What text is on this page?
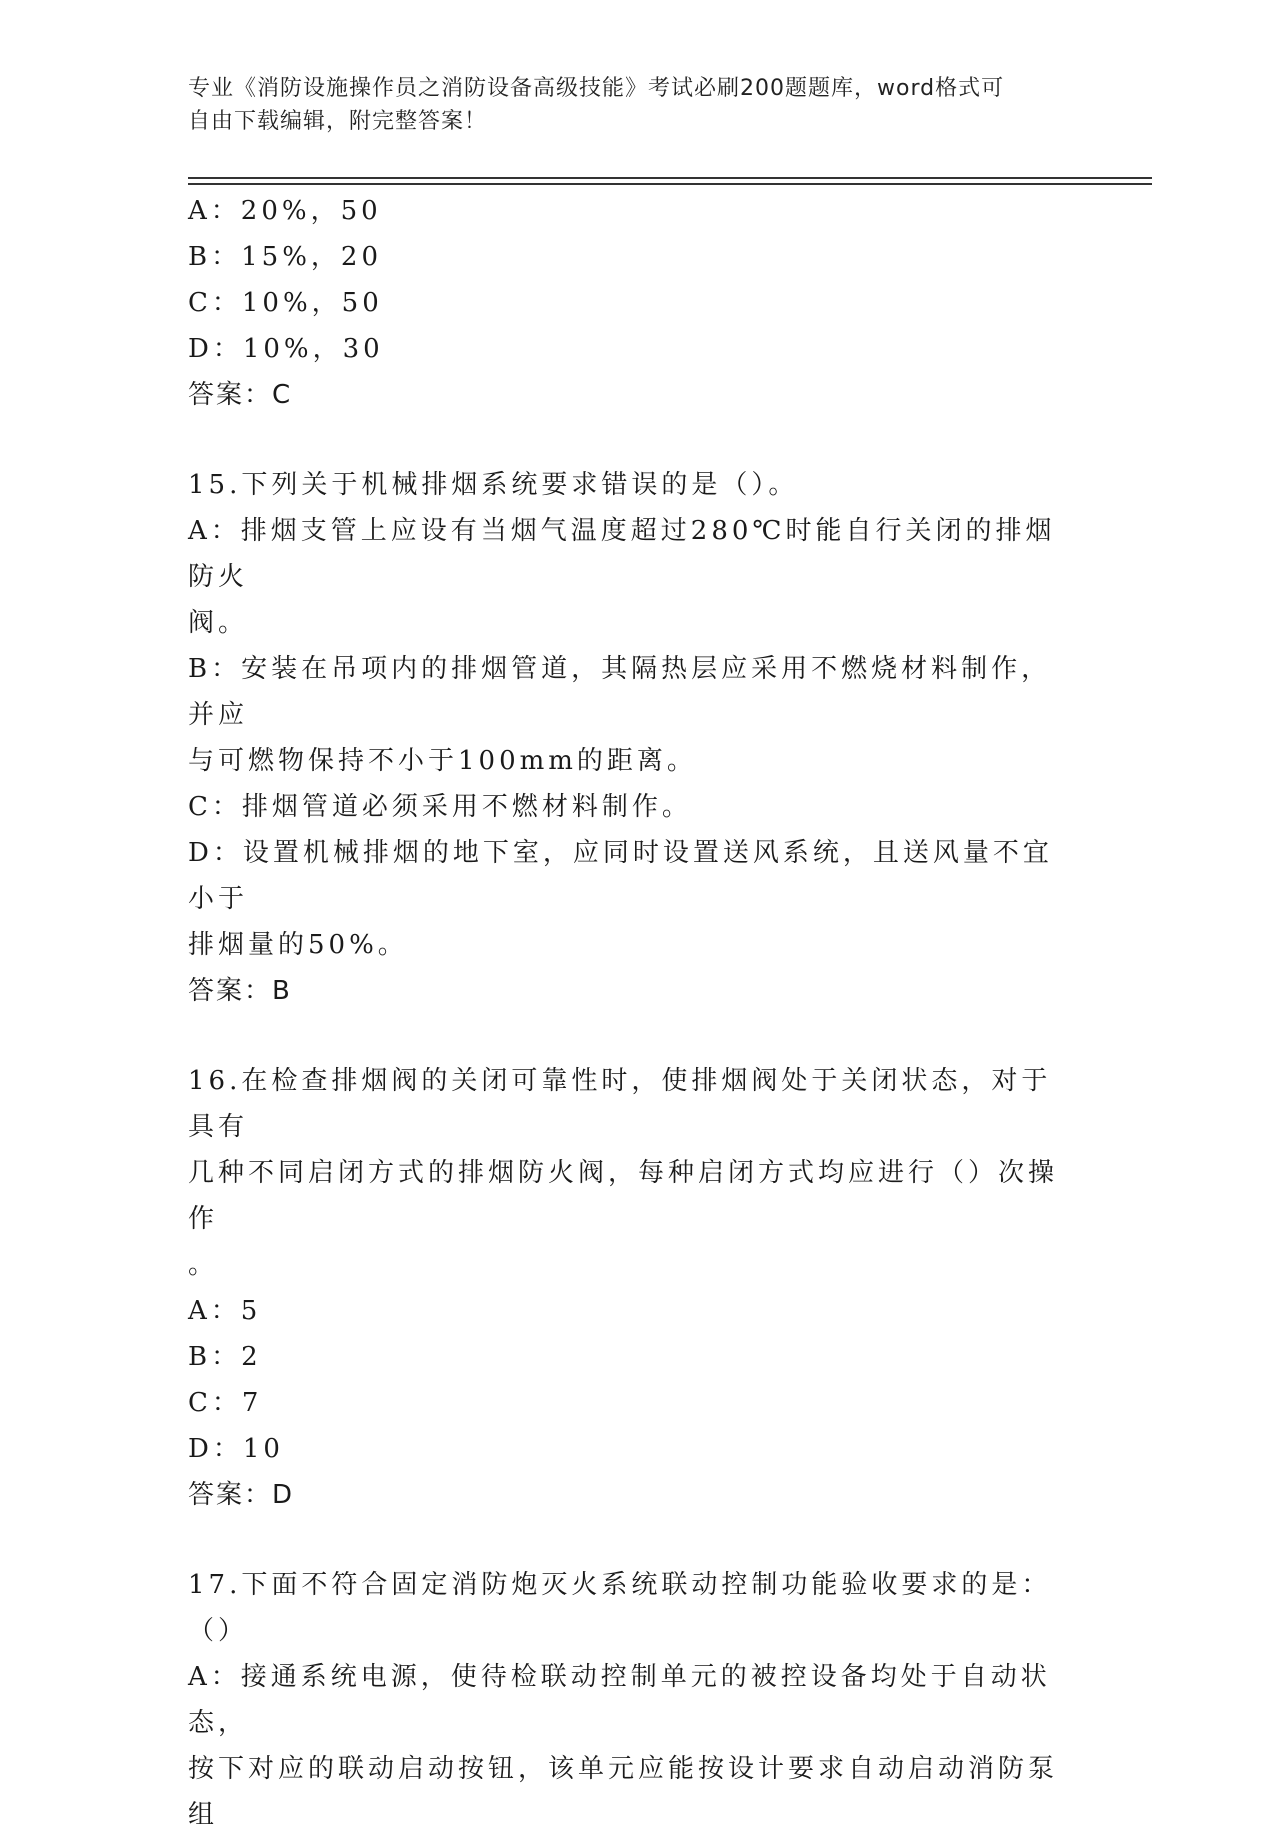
专业《消防设施操作员之消防设备高级技能》考试必刷200题题库，word格式可

自由下载编辑，附完整答案！

A：20%，50

B：15%，20

C：10%，50

D：10%，30

答案：C

15.下列关于机械排烟系统要求错误的是（）。

A：排烟支管上应设有当烟气温度超过280℃时能自行关闭的排烟防火

阀。

B：安装在吊项内的排烟管道，其隔热层应采用不燃烧材料制作，并应

与可燃物保持不小于100mm的距离。

C：排烟管道必须采用不燃材料制作。

D：设置机械排烟的地下室，应同时设置送风系统，且送风量不宜小于

排烟量的50%。

答案：B

16.在检查排烟阀的关闭可靠性时，使排烟阀处于关闭状态，对于具有

几种不同启闭方式的排烟防火阀，每种启闭方式均应进行（）次操作

。

A：5

B：2

C：7

D：10

答案：D

17.下面不符合固定消防炮灭火系统联动控制功能验收要求的是：（）

A：接通系统电源，使待检联动控制单元的被控设备均处于自动状态，

按下对应的联动启动按钮，该单元应能按设计要求自动启动消防泵组
